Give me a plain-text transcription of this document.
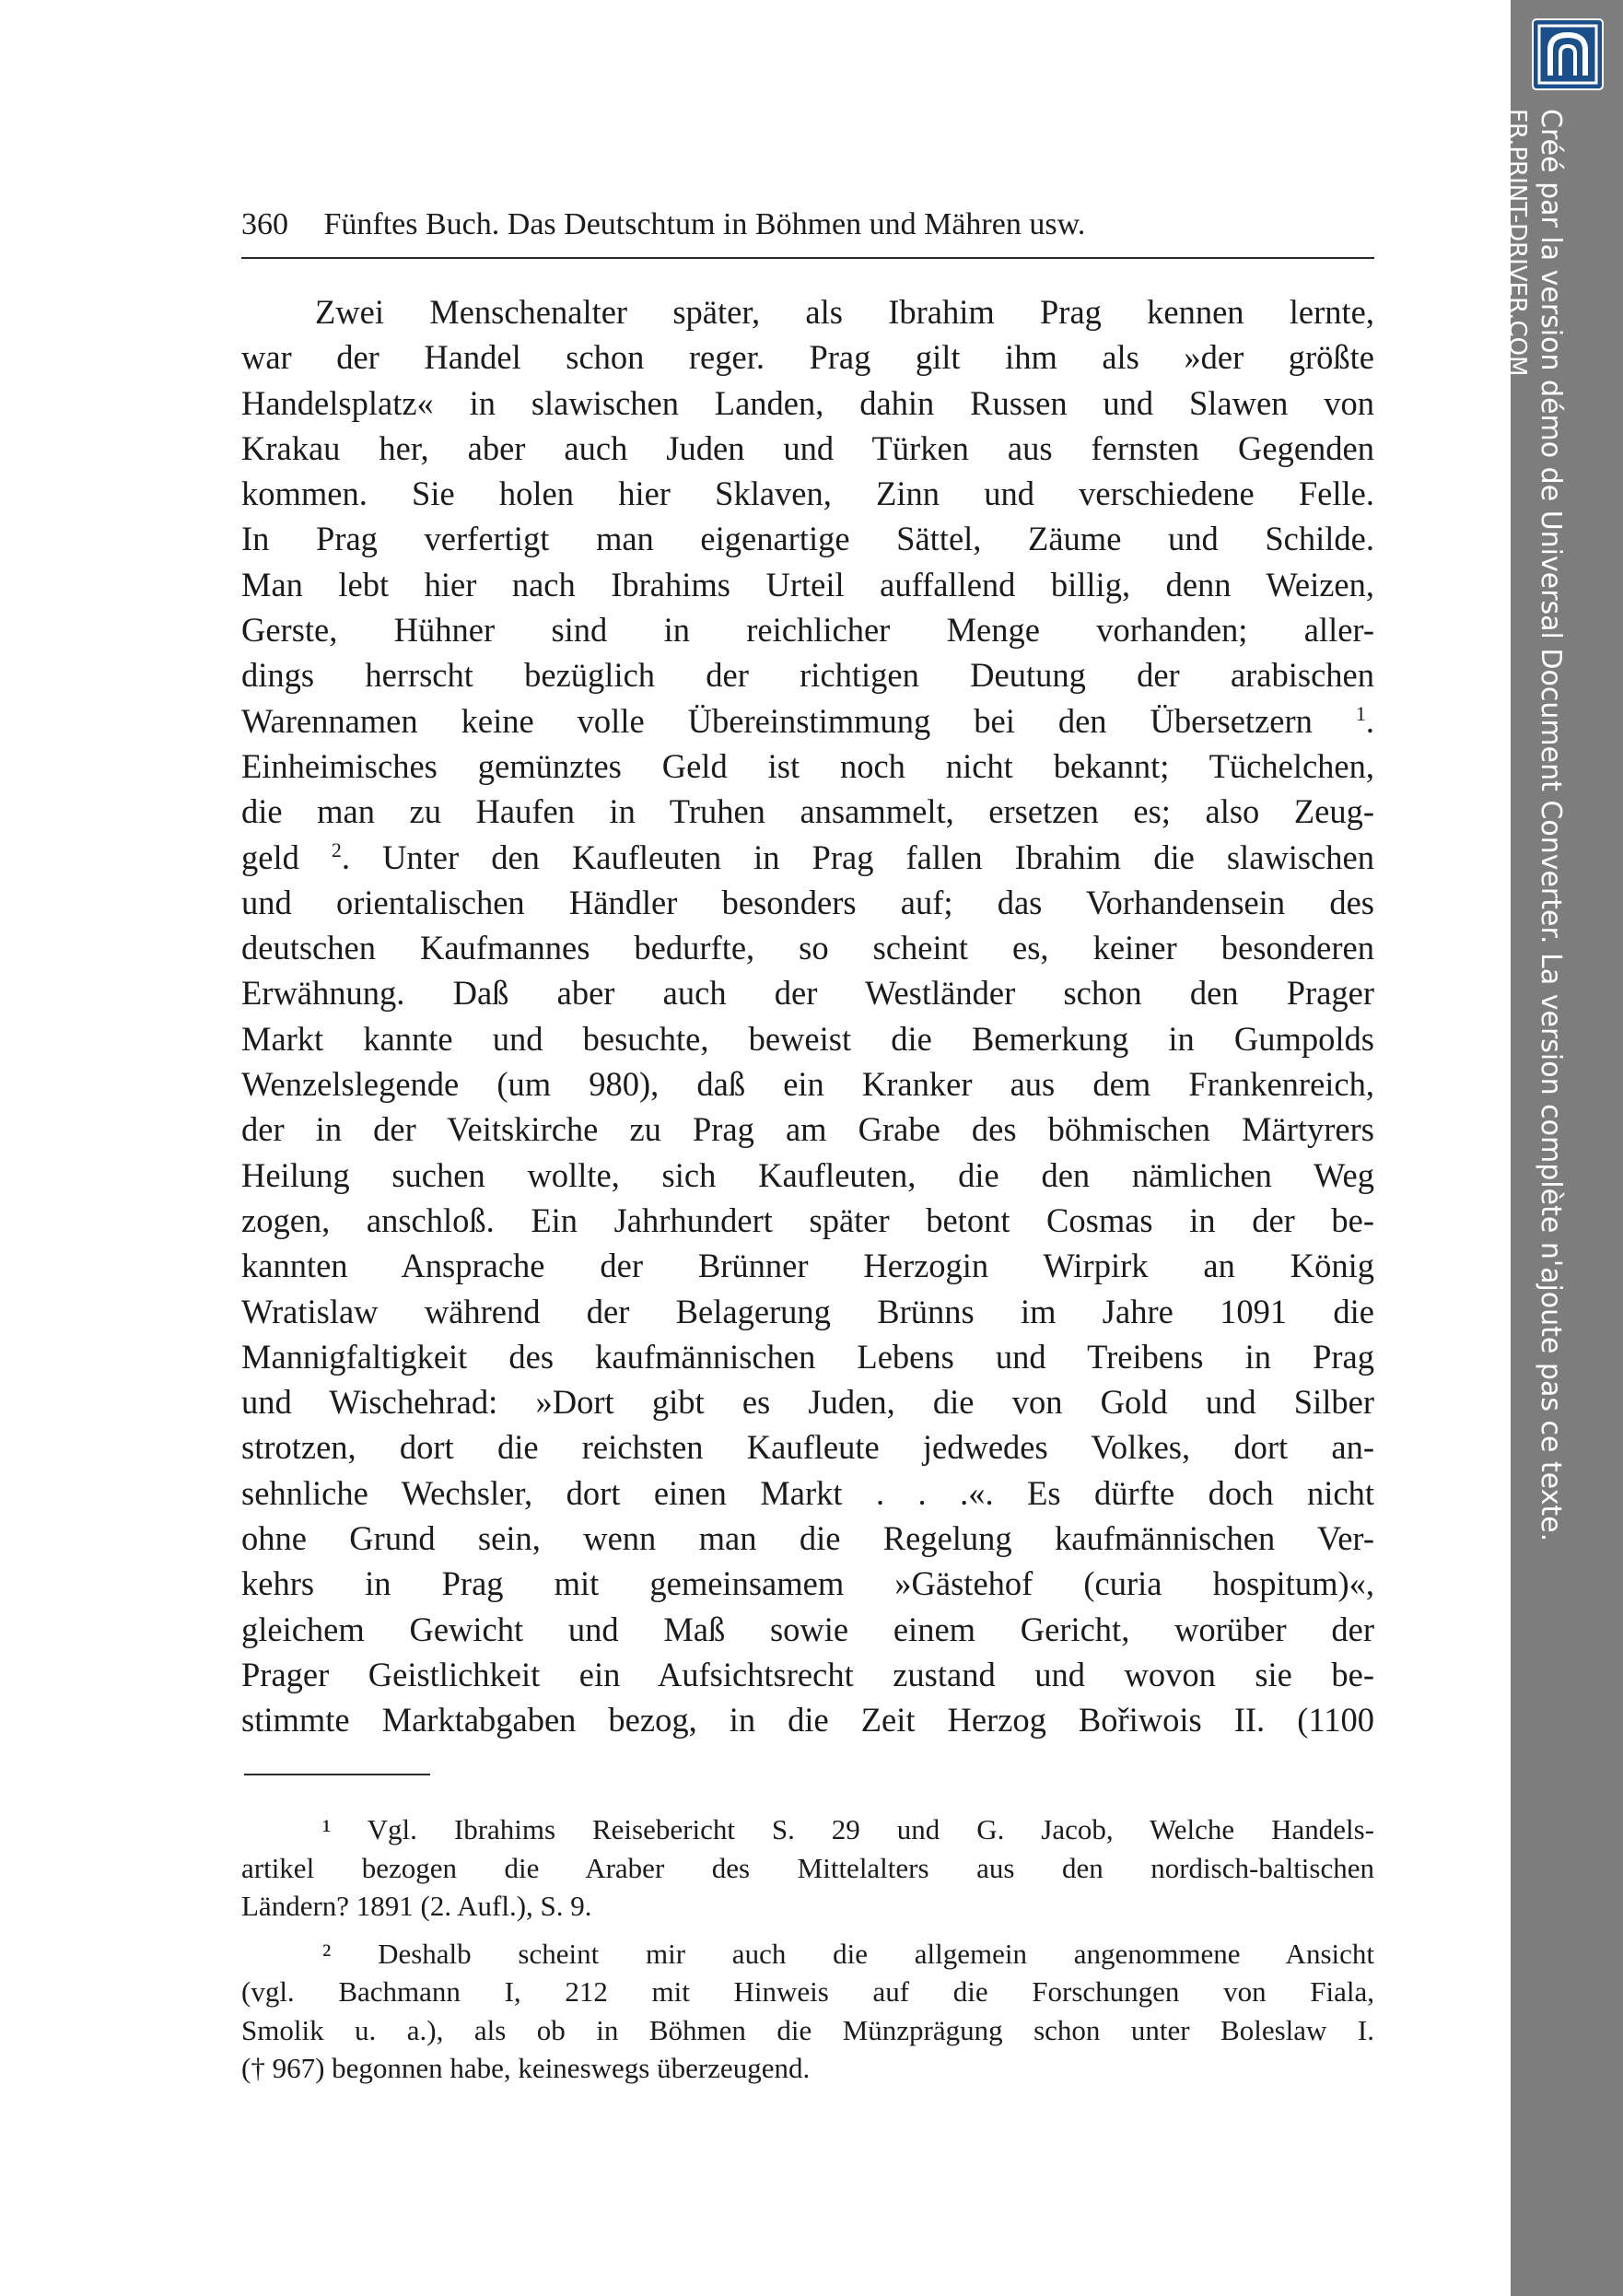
360 Fünftes Buch. Das Deutschtum in Böhmen und Mähren usw.
Zwei Menschenalter später, als Ibrahim Prag kennen lernte,
war der Handel schon reger. Prag gilt ihm als »der größte
Handelsplatz« in slawischen Landen, dahin Russen und Slawen von
Krakau her, aber auch Juden und Türken aus fernsten Gegenden
kommen. Sie holen hier Sklaven, Zinn und verschiedene Felle.
In Prag verfertigt man eigenartige Sättel, Zäume und Schilde.
Man lebt hier nach Ibrahims Urteil auffallend billig, denn Weizen,
Gerste, Hühner sind in reichlicher Menge vorhanden; aller-
dings herrscht bezüglich der richtigen Deutung der arabischen
Warennamen keine volle Übereinstimmung bei den Übersetzern $^1$.
Einheimisches gemünztes Geld ist noch nicht bekannt; Tüchelchen,
die man zu Haufen in Truhen ansammelt, ersetzen es; also Zeug-
geld $^2$. Unter den Kaufleuten in Prag fallen Ibrahim die slawischen
und orientalischen Händler besonders auf; das Vorhandensein des
deutschen Kaufmannes bedurfte, so scheint es, keiner besonderen
Erwähnung. Daß aber auch der Westländer schon den Prager
Markt kannte und besuchte, beweist die Bemerkung in Gumpolds
Wenzelslegende (um 980), daß ein Kranker aus dem Frankenreich,
der in der Veitskirche zu Prag am Grabe des böhmischen Märtyrers
Heilung suchen wollte, sich Kaufleuten, die den nämlichen Weg
zogen, anschloß. Ein Jahrhundert später betont Cosmas in der be-
kannten Ansprache der Brünner Herzogin Wirpirk an König
Wratislaw während der Belagerung Brünns im Jahre 1091 die
Mannigfaltigkeit des kaufmännischen Lebens und Treibens in Prag
und Wischehrad: »Dort gibt es Juden, die von Gold und Silber
strotzen, dort die reichsten Kaufleute jedwedes Volkes, dort an-
sehnliche Wechsler, dort einen Markt . . .«. Es dürfte doch nicht
ohne Grund sein, wenn man die Regelung kaufmännischen Ver-
kehrs in Prag mit gemeinsamem »Gästehof (curia hospitum)«,
gleichem Gewicht und Maß sowie einem Gericht, worüber der
Prager Geistlichkeit ein Aufsichtsrecht zustand und wovon sie be-
stimmte Marktabgaben bezog, in die Zeit Herzog Bořiwois II. (1100
¹ Vgl. Ibrahims Reisebericht S. 29 und G. Jacob, Welche Handels-
artikel bezogen die Araber des Mittelalters aus den nordisch-baltischen
Ländern? 1891 (2. Aufl.), S. 9.
² Deshalb scheint mir auch die allgemein angenommene Ansicht
(vgl. Bachmann I, 212 mit Hinweis auf die Forschungen von Fiala,
Smolik u. a.), als ob in Böhmen die Münzprägung schon unter Boleslaw I.
(† 967) begonnen habe, keineswegs überzeugend.
Créé par la version démo de Universal Document Converter. La version complète n'ajoute pas ce texte.
FR.PRINT-DRIVER.COM
